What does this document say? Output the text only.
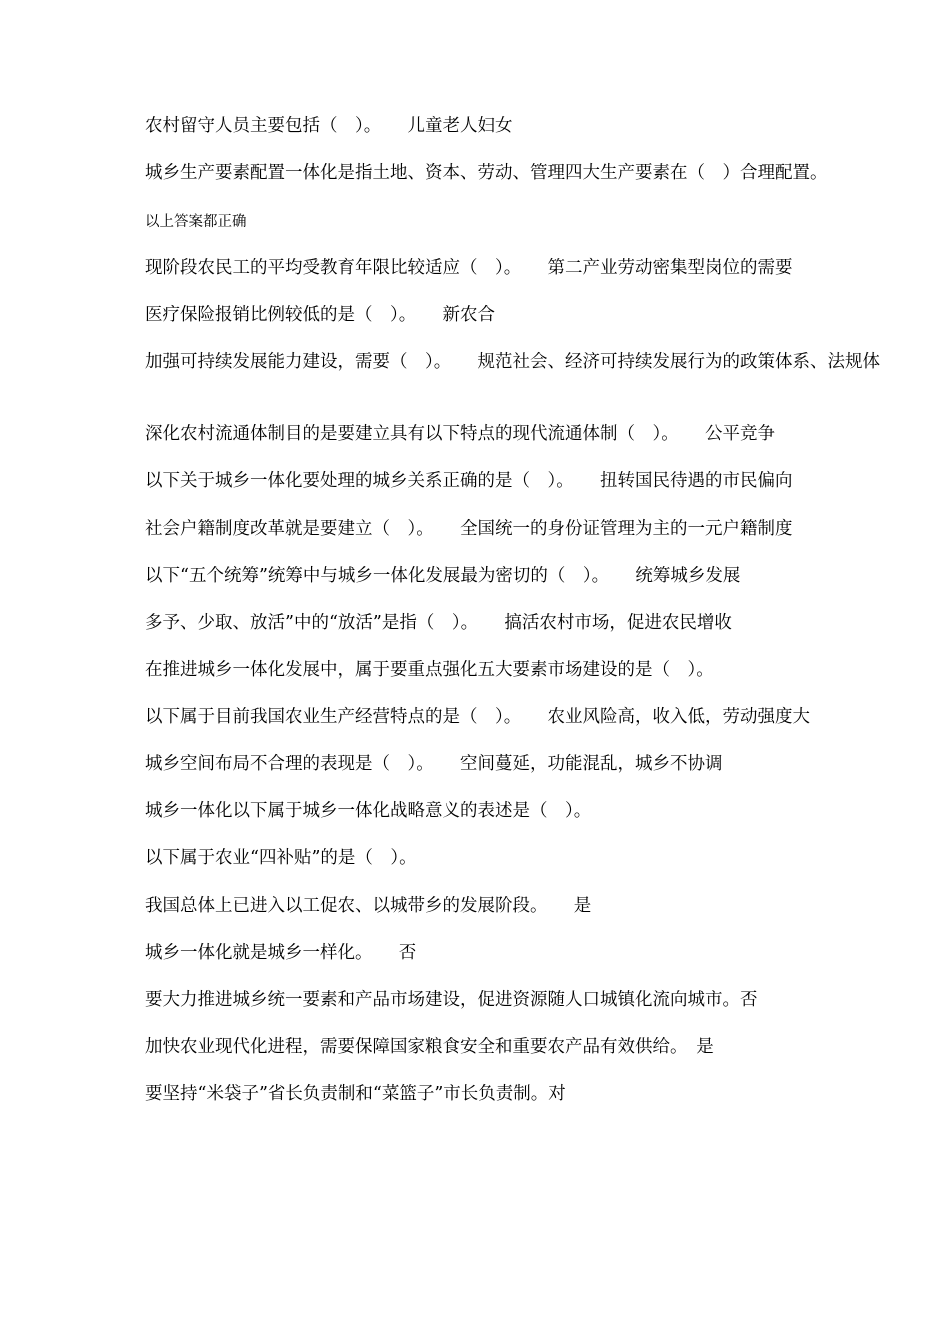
农村留守人员主要包括（　）。　　儿童老人妇女
城乡生产要素配置一体化是指土地、资本、劳动、管理四大生产要素在（　）合理配置。
以上答案都正确
现阶段农民工的平均受教育年限比较适应（　）。　　第二产业劳动密集型岗位的需要
医疗保险报销比例较低的是（　）。　　新农合
加强可持续发展能力建设，需要（　）。　　规范社会、经济可持续发展行为的政策体系、法规体
深化农村流通体制目的是要建立具有以下特点的现代流通体制（　）。　　公平竞争
以下关于城乡一体化要处理的城乡关系正确的是（　）。　　扭转国民待遇的市民偏向
社会户籍制度改革就是要建立（　）。　　全国统一的身份证管理为主的一元户籍制度
以下“五个统筹”统筹中与城乡一体化发展最为密切的（　）。　　统筹城乡发展
多予、少取、放活”中的“放活”是指（　）。　　搞活农村市场，促进农民增收
在推进城乡一体化发展中，属于要重点强化五大要素市场建设的是（　）。
以下属于目前我国农业生产经营特点的是（　）。　　农业风险高，收入低，劳动强度大
城乡空间布局不合理的表现是（　）。　　空间蔓延，功能混乱，城乡不协调
城乡一体化以下属于城乡一体化战略意义的表述是（　）。
以下属于农业“四补贴”的是（　）。
我国总体上已进入以工促农、以城带乡的发展阶段。　　是
城乡一体化就是城乡一样化。　　否
要大力推进城乡统一要素和产品市场建设，促进资源随人口城镇化流向城市。否
加快农业现代化进程，需要保障国家粮食安全和重要农产品有效供给。　是
要坚持“米袋子”省长负责制和“菜篮子”市长负责制。对
